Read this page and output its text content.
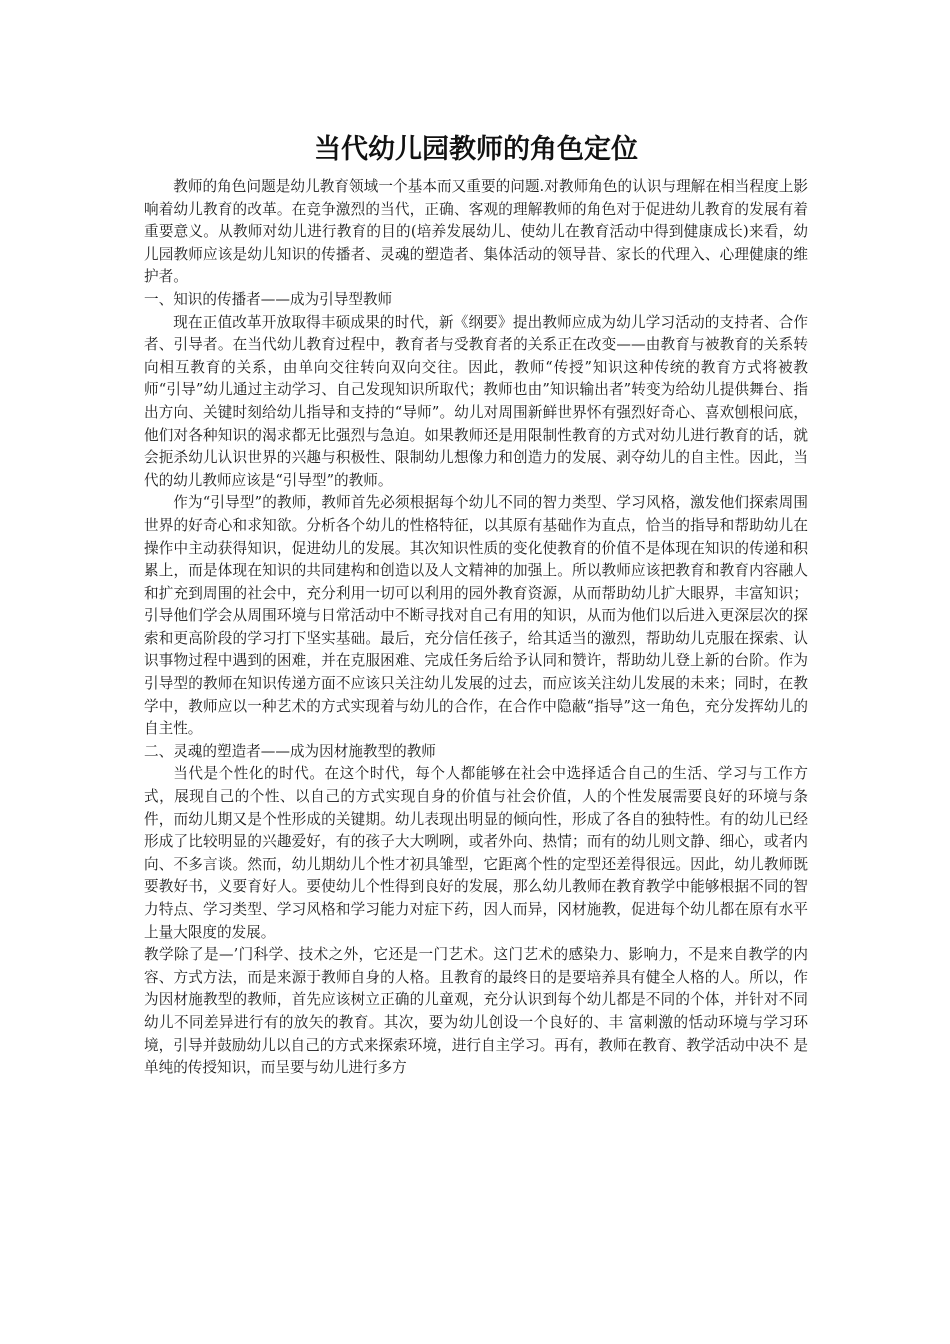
当代幼儿园教师的角色定位

教师的角色问题是幼儿教育领域一个基本而又重要的问题.对教师角色的认识与理解在相当程度上影响着幼儿教育的改革。在竞争激烈的当代，正确、客观的理解教师的角色对于促进幼儿教育的发展有着重要意义。从教师对幼儿进行教育的目的(培养发展幼儿、使幼儿在教育活动中得到健康成长)来看，幼儿园教师应该是幼儿知识的传播者、灵魂的塑造者、集体活动的领导昔、家长的代理入、心理健康的维护者。

一、知识的传播者——成为引导型教师

现在正值改革开放取得丰硕成果的时代，新《纲要》提出教师应成为幼儿学习活动的支持者、合作者、引导者。在当代幼儿教育过程中，教育者与受教育者的关系正在改变——由教育与被教育的关系转向相互教育的关系，由单向交往转向双向交往。因此，教师“传授”知识这种传统的教育方式将被教师“引导”幼儿通过主动学习、自己发现知识所取代；教师也由”知识输出者”转变为给幼儿提供舞台、指出方向、关键时刻给幼儿指导和支持的“导师”。幼儿对周围新鲜世界怀有强烈好奇心、喜欢刨根问底，他们对各种知识的渴求都无比强烈与急迫。如果教师还是用限制性教育的方式对幼儿进行教育的话，就会扼杀幼儿认识世界的兴趣与积极性、限制幼儿想像力和创造力的发展、剥夺幼儿的自主性。因此，当代的幼儿教师应该是“引导型”的教师。

作为“引导型”的教师，教师首先必须根据每个幼儿不同的智力类型、学习风格，激发他们探索周围世界的好奇心和求知欲。分析各个幼儿的性格特征，以其原有基础作为直点，恰当的指导和帮助幼儿在操作中主动获得知识，促进幼儿的发展。其次知识性质的变化使教育的价值不是体现在知识的传递和积累上，而是体现在知识的共同建构和创造以及人文精神的加强上。所以教师应该把教育和教育内容融人和扩充到周围的社会中，充分利用一切可以利用的园外教育资源，从而帮助幼儿扩大眼界，丰富知识；引导他们学会从周围环境与日常活动中不断寻找对自己有用的知识，从而为他们以后进入更深层次的探索和更高阶段的学习打下坚实基础。最后，充分信任孩子，给其适当的激烈，帮助幼儿克服在探索、认识事物过程中遇到的困难，并在克服困难、完成任务后给予认同和赞许，帮助幼儿登上新的台阶。作为引导型的教师在知识传递方面不应该只关注幼儿发展的过去，而应该关注幼儿发展的未来；同时，在教学中，教师应以一种艺术的方式实现着与幼儿的合作，在合作中隐蔽“指导”这一角色，充分发挥幼儿的自主性。

二、灵魂的塑造者——成为因材施教型的教师

当代是个性化的时代。在这个时代，每个人都能够在社会中选择适合自己的生活、学习与工作方式，展现自己的个性、以自己的方式实现自身的价值与社会价值，人的个性发展需要良好的环境与条件，而幼儿期又是个性形成的关键期。幼儿表现出明显的倾向性，形成了各自的独特性。有的幼儿已经形成了比较明显的兴趣爱好，有的孩子大大咧咧，或者外向、热情；而有的幼儿则文静、细心，或者内向、不多言谈。然而，幼儿期幼儿个性才初具雏型，它距离个性的定型还差得很远。因此，幼儿教师既要教好书，义要育好人。要使幼儿个性得到良好的发展，那么幼儿教师在教育教学中能够根据不同的智力特点、学习类型、学习风格和学习能力对症下药，因人而异，冈材施教，促进每个幼儿都在原有水平上量大限度的发展。

教学除了是—’门科学、技术之外，它还是一门艺术。这门艺术的感染力、影响力，不是来自教学的内容、方式方法，而是来源于教师自身的人格。且教育的最终日的是要培养具有健全人格的人。所以，作为因材施教型的教师，首先应该树立正确的儿童观，充分认识到每个幼儿都是不同的个体，并针对不同幼儿不同差异进行有的放矢的教育。其次，要为幼儿创设一个良好的、丰 富刺激的恬动环境与学习环境，引导并鼓励幼儿以自己的方式来探索环境，进行自主学习。再有，教师在教育、教学活动中决不 是单纯的传授知识，而呈要与幼儿进行多方
